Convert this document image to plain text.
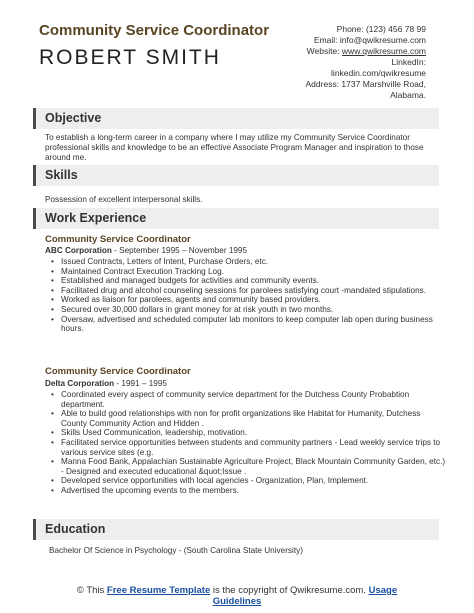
Community Service Coordinator
ROBERT SMITH
Phone: (123) 456 78 99
Email: info@qwikresume.com
Website: www.qwikresume.com
LinkedIn:
linkedin.com/qwikresume
Address: 1737 Marshville Road,
Alabama.
Objective
To establish a long-term career in a company where I may utilize my Community Service Coordinator professional skills and knowledge to be an effective Associate Program Manager and inspiration to those around me.
Skills
Possession of excellent interpersonal skills.
Work Experience
Community Service Coordinator
ABC Corporation - September 1995 – November 1995
• Issued Contracts, Letters of Intent, Purchase Orders, etc.
• Maintained Contract Execution Tracking Log.
• Established and managed budgets for activities and community events.
• Facilitated drug and alcohol counseling sessions for parolees satisfying court -mandated stipulations.
• Worked as liaison for parolees, agents and community based providers.
• Secured over 30,000 dollars in grant money for at risk youth in two months.
• Oversaw, advertised and scheduled computer lab monitors to keep computer lab open during business hours.
Community Service Coordinator
Delta Corporation - 1991 – 1995
• Coordinated every aspect of community service department for the Dutchess County Probabtion department.
• Able to build good relationships with non for profit organizations like Habitat for Humanity, Dutchess County Community Action and Hidden .
• Skills Used Communication, leadership, motivation.
• Facilitated service opportunities between students and community partners - Lead weekly service trips to various service sites (e.g.
• Manna Food Bank, Appalachian Sustainable Agriculture Project, Black Mountain Community Garden, etc.) - Designed and executed educational &quot;Issue .
• Developed service opportunities with local agencies - Organization, Plan, Implement.
• Advertised the upcoming events to the members.
Education
Bachelor Of Science in Psychology - (South Carolina State University)
© This Free Resume Template is the copyright of Qwikresume.com. Usage
Guidelines
